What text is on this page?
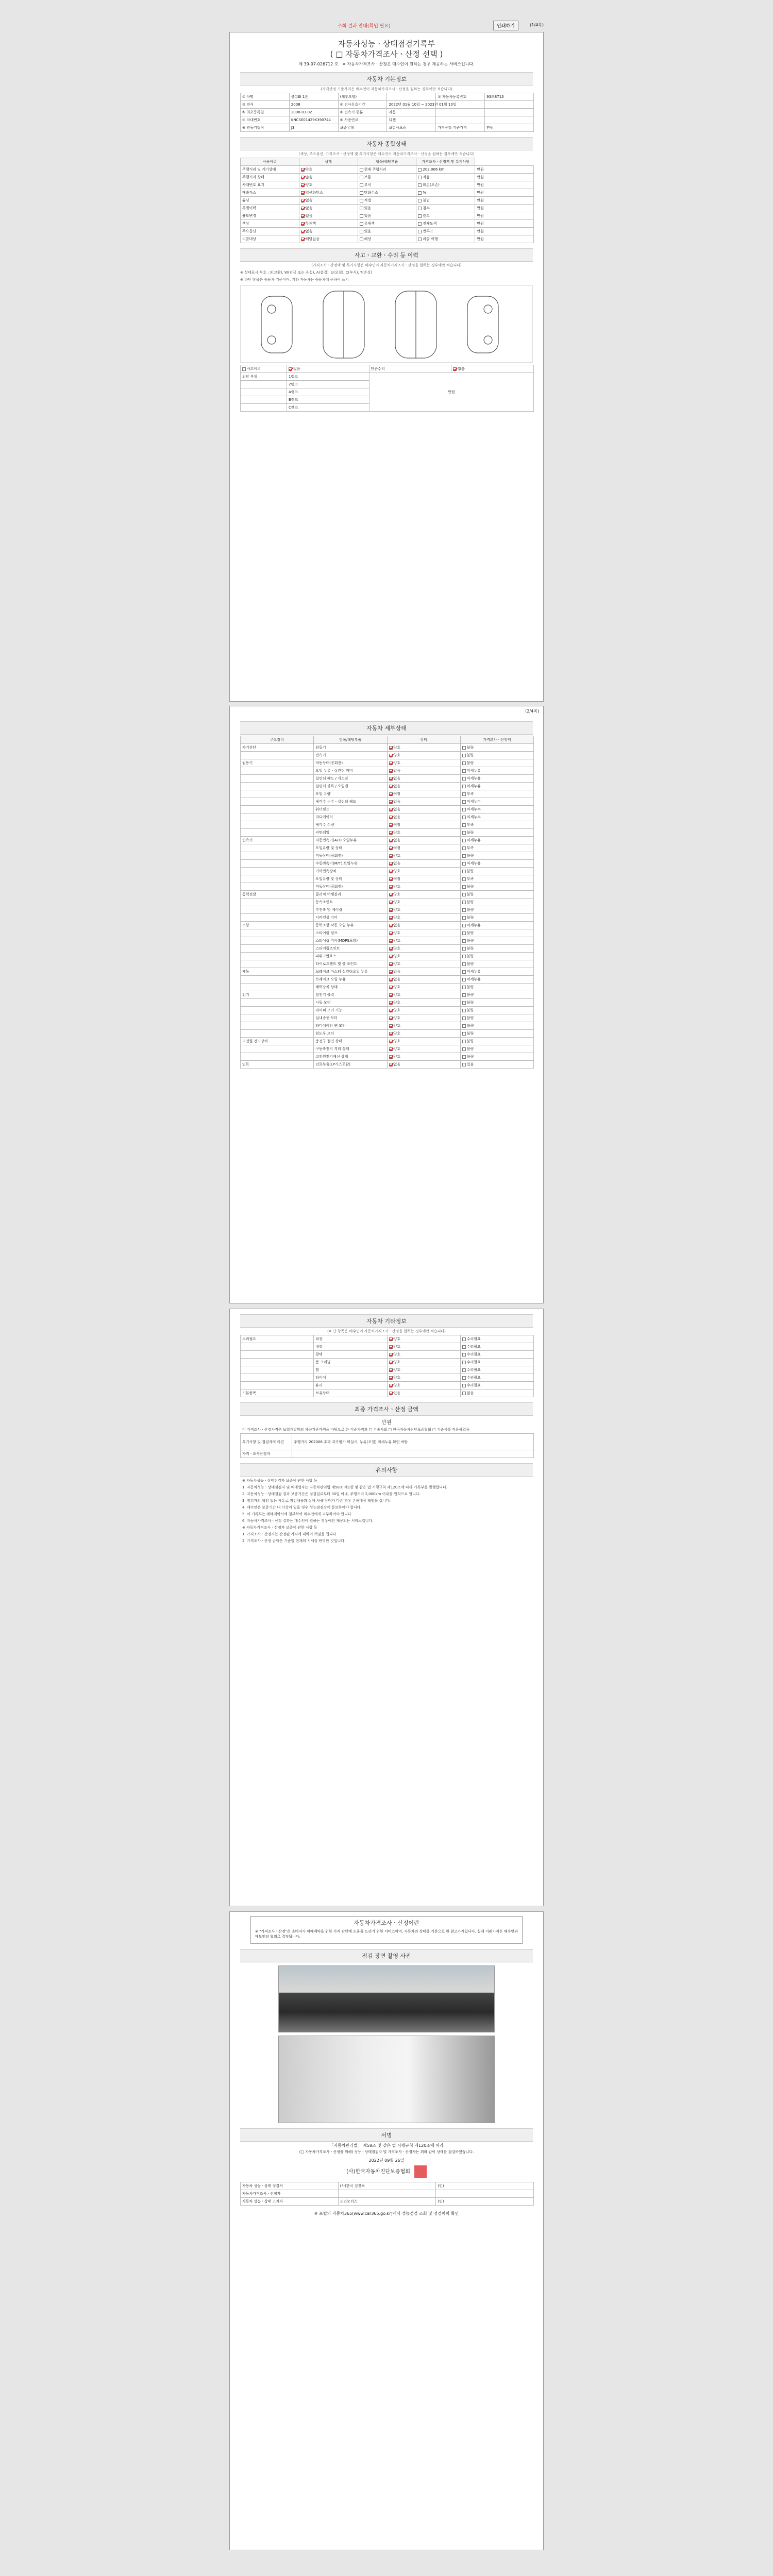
조회 결과 안내(확인 필요)	인쇄하기	(1/4쪽)
자동차성능ㆍ상태점검기록부
( □ 자동차가격조사ㆍ산정 선택 )
제 39-07-026712 호 ※ 자동차가격조사ㆍ산정은 매수인이 원하는 경우 제공하는 서비스입니다.
자동차 기본정보
(가격산정 기준가격은 매수인이 자동차가격조사ㆍ산정을 원하는 경우에만 적습니다)
① 차명	봉고III 1톤	(세부모델)		② 자동차등록번호	93모8713
③ 연식	2008	④ 검사유효기간	2022년 01월 10일 ~ 2023년 01월 10일		
⑤ 최초등록일	2008-03-02	⑥ 변속기 종류	자동		
⑦ 차대번호	KNCSE01429K390744	⑧ 사용연료	디젤		
⑨ 원동기형식	J3	보증유형	보험사보증	가격산정 기준가격	만원
자동차 종합상태
(색상, 주요옵션, 가격조사ㆍ산정액 및 특기사항은 매수인이 자동차가격조사ㆍ산정을 원하는 경우에만 적습니다)
사용이력	상태	항목/해당부품	가격조사ㆍ산정액 및 특기사항	
주행거리 및 계기상태	양호	현재 주행거리	202,006 km	만원
주행거리 상태	많음	보통	적음	만원
차대번호 표기	양호	부식	훼손(오손)	만원
배출가스	일산화탄소	탄화수소	%	만원
튜닝	없음	적법	불법	만원
특별이력	없음	있음	침수	만원
용도변경	없음	있음	렌트	만원
색상	무채색	유채색	전체도색	만원
주요옵션	없음	있음	썬루프	만원
리콜대상	해당없음	해당	리콜 이행	만원
사고ㆍ교환ㆍ수리 등 이력
(가격조사ㆍ산정액 및 특기사항은 매수인이 자동차가격조사ㆍ산정을 원하는 경우에만 적습니다)
※ 상태표시 부호 : X(교환), W(판금 또는 용접), A(흠집), U(요철), C(부식), T(손상)
※ 하단 항목은 승용차 기준이며, 기타 자동차는 승용차에 준하여 표시
사고이력	없음	단순수리	없음
외판 부위	1랭크	만원	
	2랭크		
	A랭크		
	B랭크		
	C랭크		
(2/4쪽)
자동차 세부상태
주요장치	항목/해당부품	상태	가격조사ㆍ산정액
자기진단	원동기	양호	불량
	변속기	양호	불량
원동기	작동상태(공회전)	양호	불량
	오일 누유 - 실린더 커버	없음	미세누유
	실린더 헤드 / 개스킷	없음	미세누유
	실린더 블록 / 오일팬	없음	미세누유
	오일 유량	적정	부족
	냉각수 누수 - 실린더 헤드	없음	미세누수
	워터펌프	없음	미세누수
	라디에이터	없음	미세누수
	냉각수 수량	적정	부족
	커먼레일	양호	불량
변속기	자동변속기(A/T) 오일누유	없음	미세누유
	오일유량 및 상태	적정	부족
	작동상태(공회전)	양호	불량
	수동변속기(M/T) 오일누유	없음	미세누유
	기어변속장치	양호	불량
	오일유량 및 상태	적정	부족
	작동상태(공회전)	양호	불량
동력전달	클러치 어셈블리	양호	불량
	등속조인트	양호	불량
	추진축 및 베어링	양호	불량
	디퍼렌셜 기어	양호	불량
조향	동력조향 작동 오일 누유	없음	미세누유
	스티어링 펌프	양호	불량
	스티어링 기어(MDPS포함)	양호	불량
	스티어링조인트	양호	불량
	파워고압호스	양호	불량
	타이로드엔드 및 볼 조인트	양호	불량
제동	브레이크 마스터 실린더오일 누유	없음	미세누유
	브레이크 오일 누유	없음	미세누유
	배력장치 상태	양호	불량
전기	발전기 출력	양호	불량
	시동 모터	양호	불량
	와이퍼 모터 기능	양호	불량
	실내송풍 모터	양호	불량
	라디에이터 팬 모터	양호	불량
	윈도우 모터	양호	불량
고전원 전기장치	충전구 절연 상태	양호	불량
	구동축전지 격리 상태	양호	불량
	고전원전기배선 상태	양호	불량
연료	연료누출(LP가스포함)	없음	있음
자동차 기타정보
(※ 단 항목은 매수인이 자동차가격조사ㆍ산정을 원하는 경우에만 적습니다)
수리필요	외장	양호	수리필요
	내장	양호	수리필요
	광택	양호	수리필요
	룸 크리닝	양호	수리필요
	휠	양호	수리필요
	타이어	양호	수리필요
	유리	양호	수리필요
기본품목	보유상태	있음	없음
최종 가격조사ㆍ산정 금액
만원
이 가격조사ㆍ산정가격은 보험개발원의 차량기준가액을 바탕으로 한 기준가격과 □ 기술사회 □ 한국자동차진단보증협회 □ 기준서를 적용하였음
특기사항 및 점검자의 의견	주행거리 202006 초과 자가평가 미실시, 누유(오일) 미세누유 확인 바람
가격ㆍ조사산정자	
유의사항
※ 자동차성능ㆍ상태점검자 보증에 관한 사항 등
1. 자동차성능ㆍ상태점검자 및 매매업자는 자동차관리법 제58조 제1항 및 같은 법 시행규칙 제120조에 따라 기록부를 발행합니다.
2. 자동차성능ㆍ상태점검 결과 보증기간은 점검일로부터 30일 이내, 주행거리 2,000km 이내를 원칙으로 합니다.
3. 점검자의 책임 있는 사유로 점검내용과 실제 차량 상태가 다른 경우 손해배상 책임을 집니다.
4. 매수인은 보증기간 내 이상이 있을 경우 성능점검장에 통보하여야 합니다.
5. 이 기록부는 매매계약서에 첨부하여 매수인에게 교부하여야 합니다.
6. 자동차가격조사ㆍ산정 결과는 매수인이 원하는 경우에만 제공되는 서비스입니다.
※ 자동차가격조사ㆍ산정자 보증에 관한 사항 등
1. 가격조사ㆍ산정자는 산정된 가격에 대하여 책임을 집니다.
2. 가격조사ㆍ산정 금액은 기준일 현재의 시세를 반영한 것입니다.
자동차가격조사ㆍ산정이란
※ "가격조사ㆍ산정"은 소비자가 매매계약을 위한 가격 판단에 도움을 드리기 위한 서비스이며, 자동차의 상태를 기준으로 한 참고가격입니다. 실제 거래가격은 매수인과 매도인의 협의로 결정됩니다.
점검 장면 촬영 사진
서명
「자동차관리법」 제58조 및 같은 법 시행규칙 제120조에 따라
(□ 자동차가격조사ㆍ산정을 위해) 성능ㆍ상태점검자 및 가격조사ㆍ산정자는 위와 같이 상태를 점검하였습니다.
2022년 09월 26일
(사)한국자동차진단보증협회
자동차 성능ㆍ상태 점검자	(사)한국 검진보	(인)
자동차가격조사ㆍ산정자		
자동차 성능ㆍ상태 고지자	도연모터스	(인)
※ 포털의 자동차365(www.car365.go.kr)에서 성능점검 조회 및 점검이력 확인
